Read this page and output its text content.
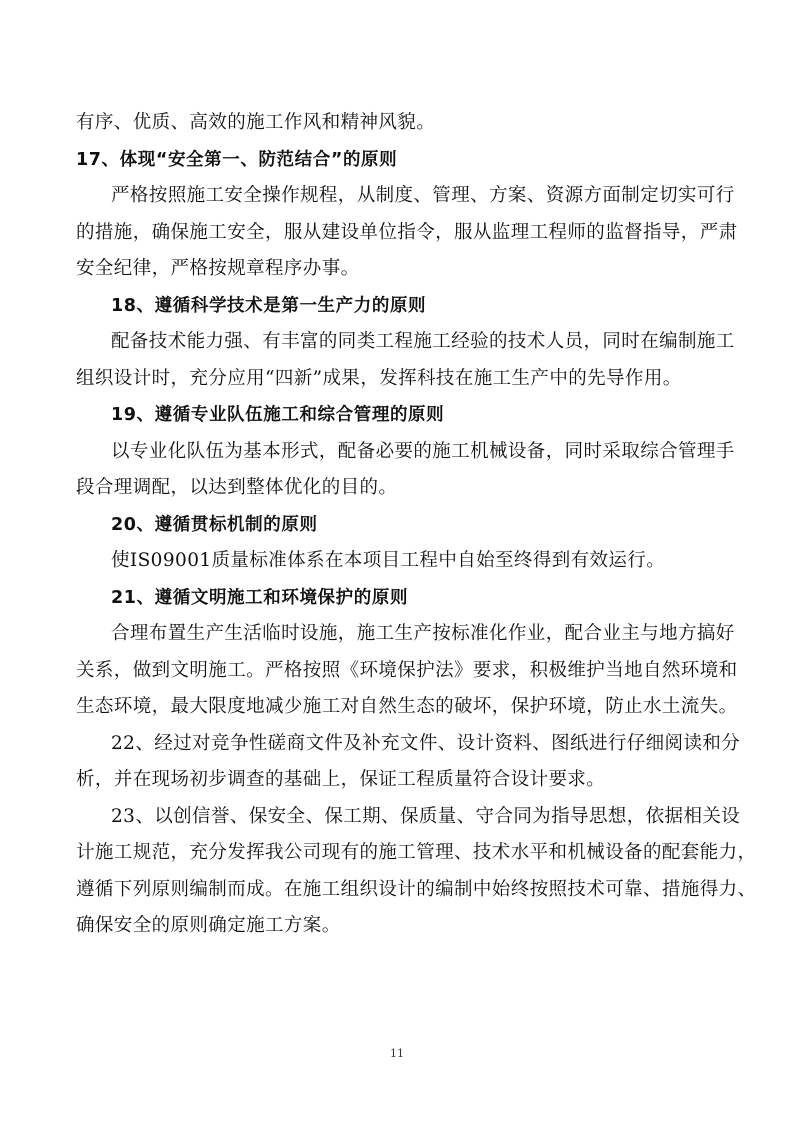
有序、优质、高效的施工作风和精神风貌。

17、体现“安全第一、防范结合”的原则

严格按照施工安全操作规程，从制度、管理、方案、资源方面制定切实可行

的措施，确保施工安全，服从建设单位指令，服从监理工程师的监督指导，严肃

安全纪律，严格按规章程序办事。

18、遵循科学技术是第一生产力的原则

配备技术能力强、有丰富的同类工程施工经验的技术人员，同时在编制施工

组织设计时，充分应用“四新”成果，发挥科技在施工生产中的先导作用。

19、遵循专业队伍施工和综合管理的原则

以专业化队伍为基本形式，配备必要的施工机械设备，同时采取综合管理手

段合理调配，以达到整体优化的目的。

20、遵循贯标机制的原则

使IS09001质量标准体系在本项目工程中自始至终得到有效运行。

21、遵循文明施工和环境保护的原则

合理布置生产生活临时设施，施工生产按标准化作业，配合业主与地方搞好

关系，做到文明施工。严格按照《环境保护法》要求，积极维护当地自然环境和

生态环境，最大限度地减少施工对自然生态的破坏，保护环境，防止水土流失。

22、经过对竞争性磋商文件及补充文件、设计资料、图纸进行仔细阅读和分

析，并在现场初步调查的基础上，保证工程质量符合设计要求。

23、以创信誉、保安全、保工期、保质量、守合同为指导思想，依据相关设

计施工规范，充分发挥我公司现有的施工管理、技术水平和机械设备的配套能力，

遵循下列原则编制而成。在施工组织设计的编制中始终按照技术可靠、措施得力、

确保安全的原则确定施工方案。

11
